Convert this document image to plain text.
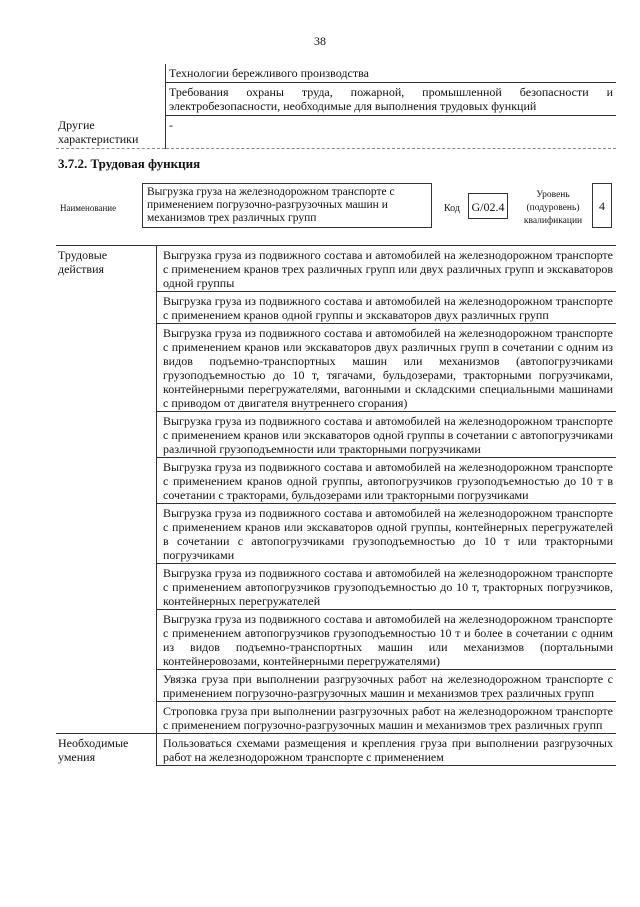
38
	Технологии бережливого производства
	Требования охраны труда, пожарной, промышленной безопасности и электробезопасности, необходимые для выполнения трудовых функций
Другие характеристики	-
3.7.2. Трудовая функция
Наименование
Выгрузка груза на железнодорожном транспорте с применением погрузочно-разгрузочных машин и механизмов трех различных групп
Код G/02.4
Уровень (подуровень) квалификации
4
Трудовые действия	Выгрузка груза из подвижного состава и автомобилей на железнодорожном транспорте с применением кранов трех различных групп или двух различных групп и экскаваторов одной группы
	Выгрузка груза из подвижного состава и автомобилей на железнодорожном транспорте с применением кранов одной группы и экскаваторов двух различных групп
	Выгрузка груза из подвижного состава и автомобилей на железнодорожном транспорте с применением кранов или экскаваторов двух различных групп в сочетании с одним из видов подъемно-транспортных машин или механизмов (автопогрузчиками грузоподъемностью до 10 т, тягачами, бульдозерами, тракторными погрузчиками, контейнерными перегружателями, вагонными и складскими специальными машинами с приводом от двигателя внутреннего сгорания)
	Выгрузка груза из подвижного состава и автомобилей на железнодорожном транспорте с применением кранов или экскаваторов одной группы в сочетании с автопогрузчиками различной грузоподъемности или тракторными погрузчиками
	Выгрузка груза из подвижного состава и автомобилей на железнодорожном транспорте с применением кранов одной группы, автопогрузчиков грузоподъемностью до 10 т в сочетании с тракторами, бульдозерами или тракторными погрузчиками
	Выгрузка груза из подвижного состава и автомобилей на железнодорожном транспорте с применением кранов или экскаваторов одной группы, контейнерных перегружателей в сочетании с автопогрузчиками грузоподъемностью до 10 т или тракторными погрузчиками
	Выгрузка груза из подвижного состава и автомобилей на железнодорожном транспорте с применением автопогрузчиков грузоподъемностью до 10 т, тракторных погрузчиков, контейнерных перегружателей
	Выгрузка груза из подвижного состава и автомобилей на железнодорожном транспорте с применением автопогрузчиков грузоподъемностью 10 т и более в сочетании с одним из видов подъемно-транспортных машин или механизмов (портальными контейнеровозами, контейнерными перегружателями)
	Увязка груза при выполнении разгрузочных работ на железнодорожном транспорте с применением погрузочно-разгрузочных машин и механизмов трех различных групп
	Строповка груза при выполнении разгрузочных работ на железнодорожном транспорте с применением погрузочно-разгрузочных машин и механизмов трех различных групп
Необходимые умения	Пользоваться схемами размещения и крепления груза при выполнении разгрузочных работ на железнодорожном транспорте с применением
